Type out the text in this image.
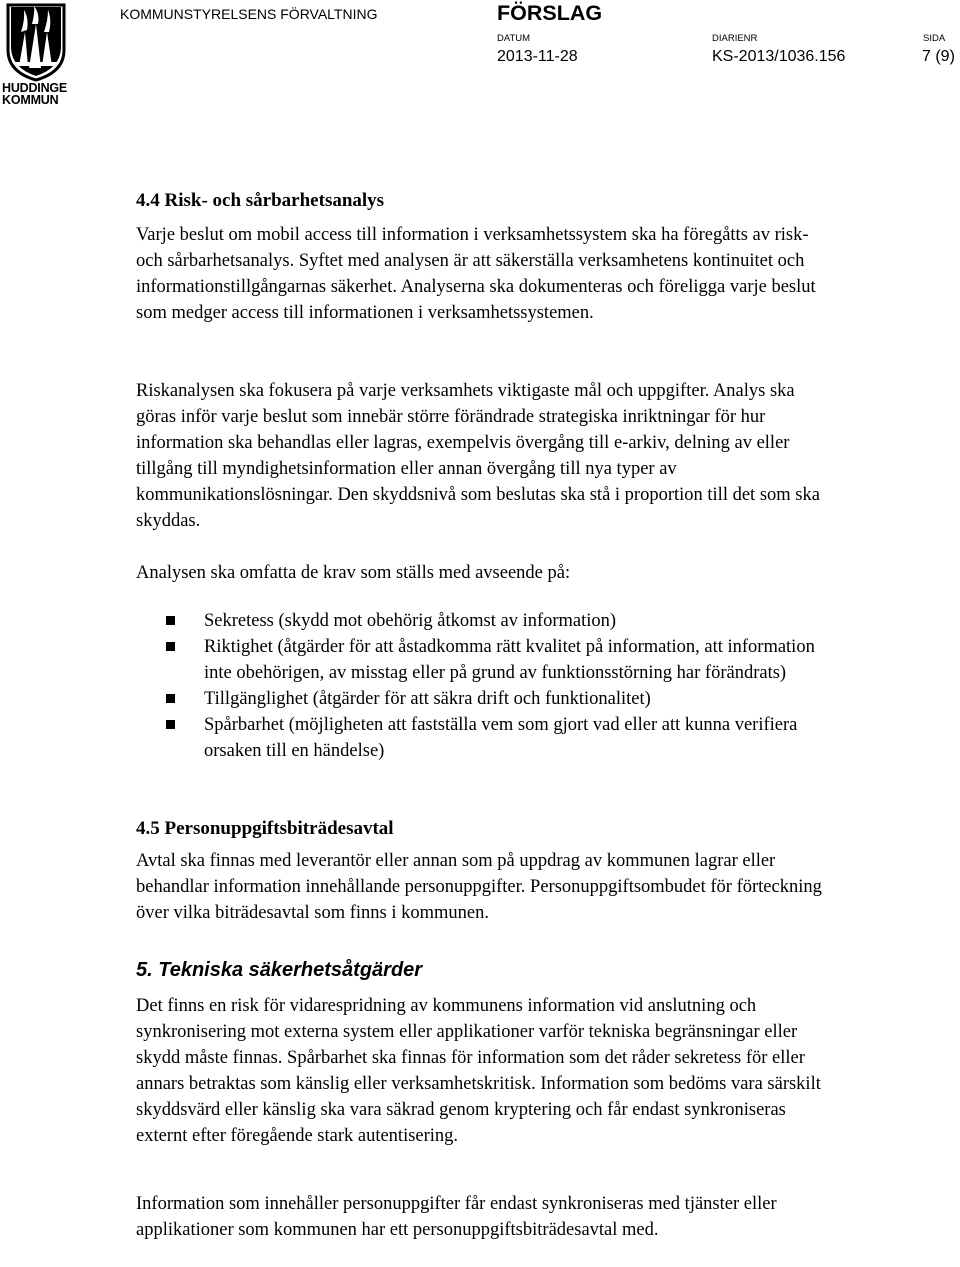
HUDDINGE
KOMMUN
KOMMUNSTYRELSENS FÖRVALTNING	FÖRSLAG
DATUM
2013-11-28
DIARIENR
KS-2013/1036.156
SIDA
7 (9)
4.4 Risk- och sårbarhetsanalys

Varje beslut om mobil access till information i verksamhetssystem ska ha föregåtts av risk- och sårbarhetsanalys. Syftet med analysen är att säkerställa verksamhetens kontinuitet och informationstillgångarnas säkerhet. Analyserna ska dokumenteras och föreligga varje beslut som medger access till informationen i verksamhetssystemen.

Riskanalysen ska fokusera på varje verksamhets viktigaste mål och uppgifter. Analys ska göras inför varje beslut som innebär större förändrade strategiska inriktningar för hur information ska behandlas eller lagras, exempelvis övergång till e-arkiv, delning av eller tillgång till myndighetsinformation eller annan övergång till nya typer av kommunikationslösningar. Den skyddsnivå som beslutas ska stå i proportion till det som ska skyddas.

Analysen ska omfatta de krav som ställs med avseende på:

Sekretess (skydd mot obehörig åtkomst av information)
Riktighet (åtgärder för att åstadkomma rätt kvalitet på information, att information inte obehörigen, av misstag eller på grund av funktionsstörning har förändrats)
Tillgänglighet (åtgärder för att säkra drift och funktionalitet)
Spårbarhet (möjligheten att fastställa vem som gjort vad eller att kunna verifiera orsaken till en händelse)
4.5 Personuppgiftsbiträdesavtal

Avtal ska finnas med leverantör eller annan som på uppdrag av kommunen lagrar eller behandlar information innehållande personuppgifter. Personuppgiftsombudet för förteckning över vilka biträdesavtal som finns i kommunen.

5. Tekniska säkerhetsåtgärder

Det finns en risk för vidarespridning av kommunens information vid anslutning och synkronisering mot externa system eller applikationer varför tekniska begränsningar eller skydd måste finnas. Spårbarhet ska finnas för information som det råder sekretess för eller annars betraktas som känslig eller verksamhetskritisk. Information som bedöms vara särskilt skyddsvärd eller känslig ska vara säkrad genom kryptering och får endast synkroniseras externt efter föregående stark autentisering.

Information som innehåller personuppgifter får endast synkroniseras med tjänster eller applikationer som kommunen har ett personuppgiftsbiträdesavtal med.
